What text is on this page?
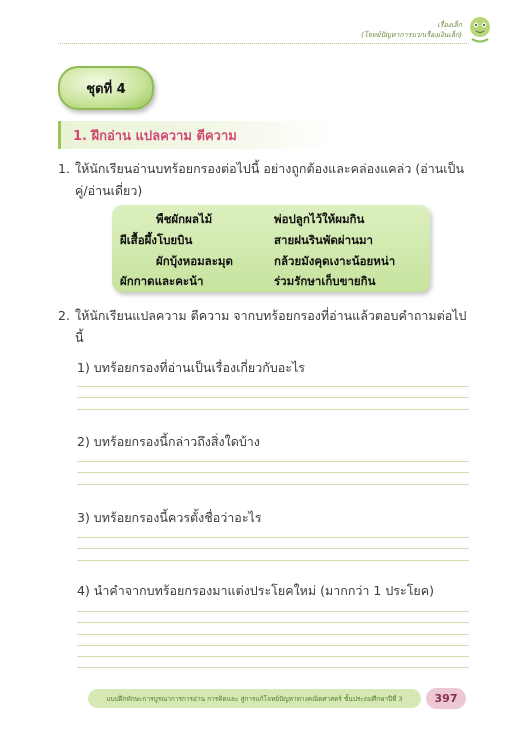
เรื่องเล็ก
(โจทย์ปัญหาการบวกเรื่องเงินเล็ก)
ชุดที่ 4
1. ฝึกอ่าน แปลความ ตีความ
1. ให้นักเรียนอ่านบทร้อยกรองต่อไปนี้ อย่างถูกต้องและคล่องแคล่ว (อ่านเป็นคู่/อ่านเดี่ยว)
พืชผักผลไม้	พ่อปลูกไว้ให้ผมกิน
ผีเสื้อผึ้งโบยบิน	สายฝนรินพัดผ่านมา
ผักบุ้งหอมละมุด	กล้วยมังคุดเงาะน้อยหน่า
ผักกาดและคะน้า	ร่วมรักษาเก็บขายกิน
2. ให้นักเรียนแปลความ ตีความ จากบทร้อยกรองที่อ่านแล้วตอบคำถามต่อไปนี้
1) บทร้อยกรองที่อ่านเป็นเรื่องเกี่ยวกับอะไร
2) บทร้อยกรองนี้กล่าวถึงสิ่งใดบ้าง
3) บทร้อยกรองนี้ควรตั้งชื่อว่าอะไร
4) นำคำจากบทร้อยกรองมาแต่งประโยคใหม่ (มากกว่า 1 ประโยค)
แบบฝึกทักษะการบูรณาการการอ่าน การคิดและ สู่การแก้โจทย์ปัญหาทางคณิตศาสตร์ ชั้นประถมศึกษาปีที่ 3	397
